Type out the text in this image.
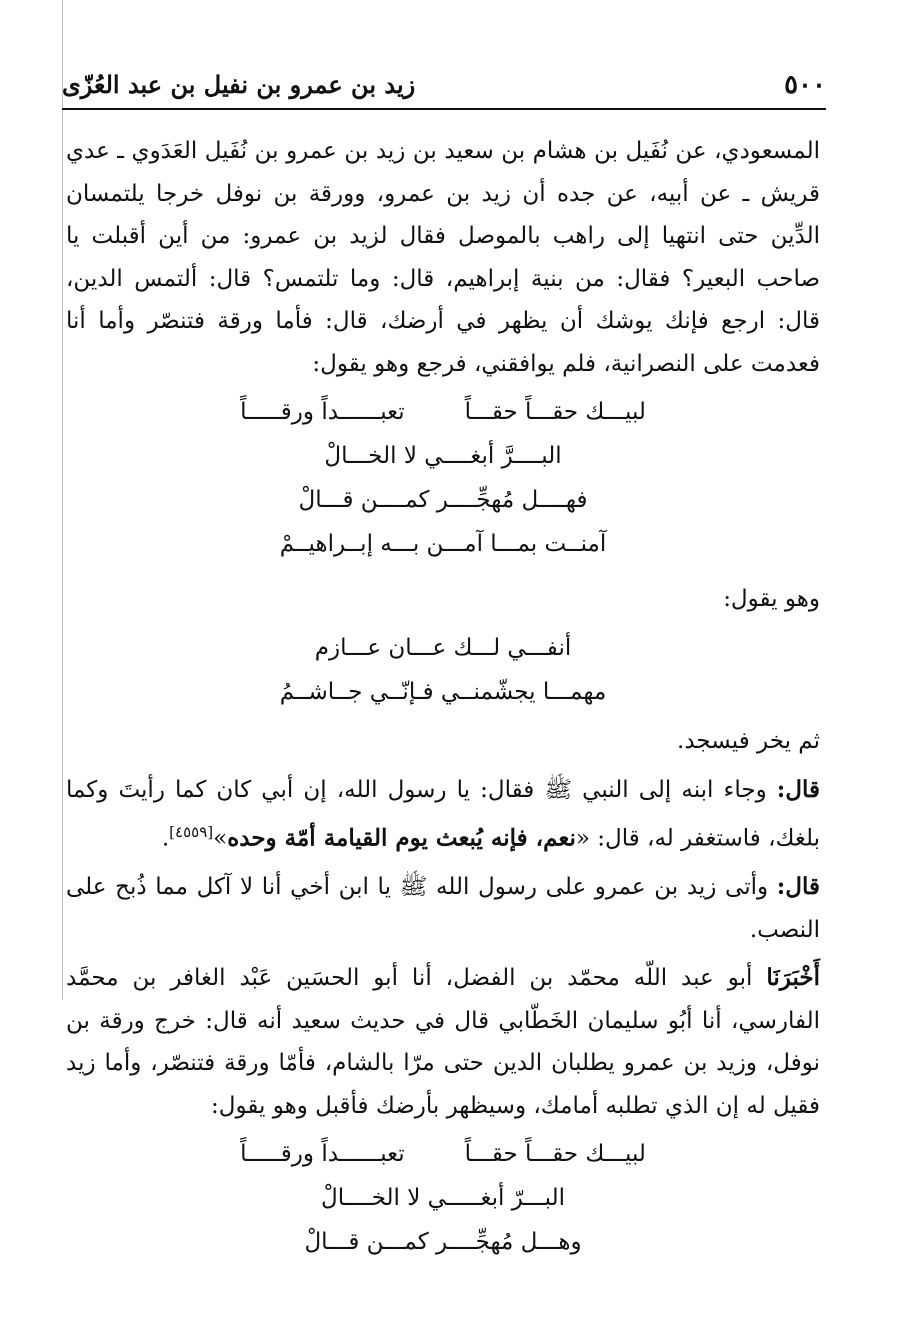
٥٠٠
زيد بن عمرو بن نفيل بن عبد العُزّى

المسعودي، عن نُفَيل بن هشام بن سعيد بن زيد بن عمرو بن نُفَيل العَدَوي ـ عدي قريش ـ عن أبيه، عن جده أن زيد بن عمرو، وورقة بن نوفل خرجا يلتمسان الدِّين حتى انتهيا إلى راهب بالموصل فقال لزيد بن عمرو: من أين أقبلت يا صاحب البعير؟ فقال: من بنية إبراهيم، قال: وما تلتمس؟ قال: ألتمس الدين، قال: ارجع فإنك يوشك أن يظهر في أرضك، قال: فأما ورقة فتنصّر وأما أنا فعدمت على النصرانية، فلم يوافقني، فرجع وهو يقول:

لبيـــك حقـــاً حقـــاً
تعبــــــداً ورقـــــاً
البــــرَّ أبغــــي لا الخـــالْ
فهــــل مُهجِّــــر كمــــن قـــالْ
آمنــت بمـــا آمـــن بـــه إبــراهيــمْ

وهو يقول:

أنفـــي لـــك عـــان عـــازم
مهمـــا يجشّمنــي فـإنّــي جــاشــمُ

ثم يخر فيسجد.

قال: وجاء ابنه إلى النبي ﷺ فقال: يا رسول الله، إن أبي كان كما رأيتَ وكما بلغك، فاستغفر له، قال: «نعم، فإنه يُبعث يوم القيامة أمّة وحده»[٤٥٥٩].

قال: وأتى زيد بن عمرو على رسول الله ﷺ يا ابن أخي أنا لا آكل مما ذُبح على النصب.

أَخْبَرَنَا أبو عبد اللّه محمّد بن الفضل، أنا أبو الحسَين عَبْد الغافر بن محمَّد الفارسي، أنا أبُو سليمان الخَطّابي قال في حديث سعيد أنه قال: خرج ورقة بن نوفل، وزيد بن عمرو يطلبان الدين حتى مرّا بالشام، فأمّا ورقة فتنصّر، وأما زيد فقيل له إن الذي تطلبه أمامك، وسيظهر بأرضك فأقبل وهو يقول:

لبيـــك حقـــاً حقـــاً
تعبــــــداً ورقـــــاً
البـــرّ أبغـــــي لا الخــــالْ
وهـــل مُهجِّــــر كمـــن قـــالْ
